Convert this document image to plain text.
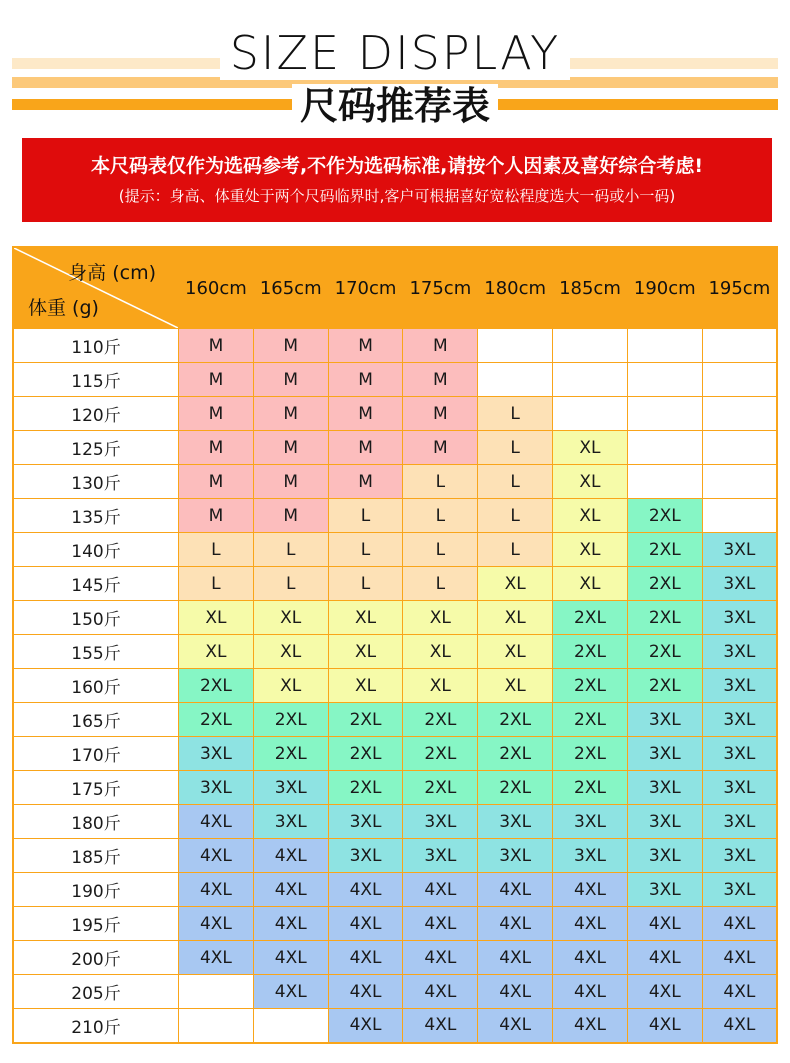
SIZE DISPLAY
尺码推荐表
本尺码表仅作为选码参考,不作为选码标准,请按个人因素及喜好综合考虑!
(提示：身高、体重处于两个尺码临界时,客户可根据喜好宽松程度选大一码或小一码)
身高 (cm)
体重 (g)	160cm	165cm	170cm	175cm	180cm	185cm	190cm	195cm
110斤	M	M	M	M				
115斤	M	M	M	M				
120斤	M	M	M	M	L			
125斤	M	M	M	M	L	XL		
130斤	M	M	M	L	L	XL		
135斤	M	M	L	L	L	XL	2XL	
140斤	L	L	L	L	L	XL	2XL	3XL
145斤	L	L	L	L	XL	XL	2XL	3XL
150斤	XL	XL	XL	XL	XL	2XL	2XL	3XL
155斤	XL	XL	XL	XL	XL	2XL	2XL	3XL
160斤	2XL	XL	XL	XL	XL	2XL	2XL	3XL
165斤	2XL	2XL	2XL	2XL	2XL	2XL	3XL	3XL
170斤	3XL	2XL	2XL	2XL	2XL	2XL	3XL	3XL
175斤	3XL	3XL	2XL	2XL	2XL	2XL	3XL	3XL
180斤	4XL	3XL	3XL	3XL	3XL	3XL	3XL	3XL
185斤	4XL	4XL	3XL	3XL	3XL	3XL	3XL	3XL
190斤	4XL	4XL	4XL	4XL	4XL	4XL	3XL	3XL
195斤	4XL	4XL	4XL	4XL	4XL	4XL	4XL	4XL
200斤	4XL	4XL	4XL	4XL	4XL	4XL	4XL	4XL
205斤		4XL	4XL	4XL	4XL	4XL	4XL	4XL
210斤			4XL	4XL	4XL	4XL	4XL	4XL
